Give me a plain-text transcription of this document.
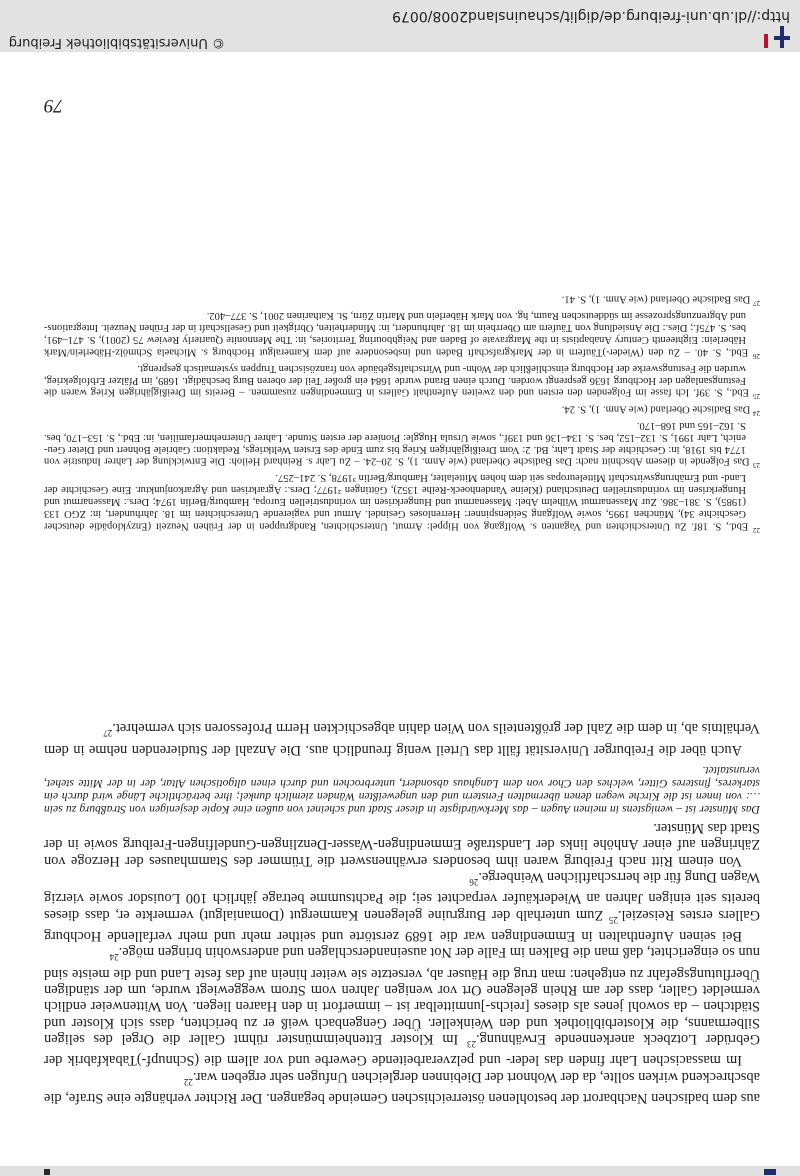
aus dem badischen Nachbarort der bestohlenen österreichischen Gemeinde begangen. Der Richter verhängte eine Strafe, die abschreckend wirken sollte, da der Wohnort der Diebinnen dergleichen Unfugen sehr ergeben war.$^{22}$

Im massacischen Lahr finden das leder- und pelzverarbeitende Gewerbe und vor allem die (Schnupf-)Tabakfabrik der Gebrüder Lotzbeck anerkennende Erwähnung.$^{23}$ Im Kloster Ettenheimmünster rühmt Galler die Orgel des seligen Silbermanns, die Klosterbibliothek und den Weinkeller. Über Gengenbach weiß er zu berichten, dass sich Kloster und Städtchen – da sowohl jenes als dieses [reichs-]unmittelbar ist – immerfort in den Haaren liegen. Von Wittenweier endlich vermeldet Galler, dass der am Rhein gelegene Ort vor wenigen Jahren vom Strom weggewiegt wurde, um der ständigen Überflutungsgefahr zu entgehen: man trug die Häuser ab, versetzte sie weiter hinein auf das feste Land und die meiste sind nun so eingerichtet, daß man die Balken im Falle der Not auseinanderschlagen und anderswohin bringen möge.$^{24}$

Bei seinen Aufenthalten in Emmendingen war die 1689 zerstörte und seither mehr und mehr verfallende Hochburg Gallers erstes Reiseziel.$^{25}$ Zum unterhalb der Burgruine gelegenen Kammergut (Domanialgut) vermerkte er, dass dieses bereits seit einigen Jahren an Wiederkäufer verpachtet sei; die Pachtsumme betrage jährlich 100 Louisdor sowie vierzig Wagen Dung für die herrschaftlichen Weinberge.$^{26}$

Von einem Ritt nach Freiburg waren ihm besonders erwähnenswert die Trümmer des Stammhauses der Herzoge von Zähringen auf einer Anhöhe links der Landstraße Emmendingen-Wasser-Denzlingen-Gundelfingen-Freiburg sowie in der Stadt das Münster.

Das Münster ist – wenigstens in meinen Augen – das Merkwürdigste in dieser Stadt und scheinet von außen eine Kopie desjenigen von Straßburg zu sein …: von innen ist die Kirche wegen denen übermalten Fenstern und den ungeweißten Wänden ziemlich dunkel; ihre beträchtliche Länge wird durch ein starkeres, finsteres Gitter, welches den Chor von dem Langhaus absondert, unterbrochen und durch einen altgotischen Altar, der in der Mitte stehet, verunstaltet.

Auch über die Freiburger Universität fällt das Urteil wenig freundlich aus. Die Anzahl der Studierenden nehme in dem Verhältnis ab, in dem die Zahl der größtenteils von Wien dahin abgeschickten Herrn Professoren sich vermehret.$^{27}$

$^{22}$ Ebd., S. 18f. Zu Unterschichten und Vaganten s. Wolfgang von Hippel: Armut, Unterschichten, Randgruppen in der Frühen Neuzeit (Enzyklopädie deutscher Geschichte 34), München 1995, sowie Wolfgang Seidenspinner: Herrenloses Gesindel. Armut und vagierende Unterschichten im 18. Jahrhundert, in: ZGO 133 (1985), S. 381–386. Zur Massenarmut Wilhelm Abel: Massenarmut und Hungerkrisen im vorindustriellen Europa, Hamburg/Berlin 1974; Ders.: Massenarmut und Hungerkrisen im vorindustriellen Deutschland (Kleine Vandenhoeck-Reihe 1352), Göttingen ²1977; Ders.: Agrarkrisen und Agrarkonjunktur. Eine Geschichte der Land- und Ernährungswirtschaft Mitteleuropas seit dem hohen Mittelalter, Hamburg/Berlin ³1978, S. 241–257.

$^{23}$ Das Folgende in diesem Abschnitt nach: Das Badische Oberland (wie Anm. 1), S. 20–24. – Zu Lahr s. Reinhard Heiloh: Die Entwicklung der Lahrer Industrie von 1774 bis 1918, in: Geschichte der Stadt Lahr, Bd. 2: Vom Dreißigjährigen Krieg bis zum Ende des Ersten Weltkriegs, Redaktion: Gabriele Bohnert und Dieter Geuenich, Lahr 1991, S. 132–152, bes. S. 134–136 und 139f., sowie Ursula Huggle: Pioniere der ersten Stunde. Lahrer Unternehmerfamilien, in: Ebd., S. 153–170, bes. S. 162–165 und 168–170.

$^{24}$ Das Badische Oberland (wie Anm. 1), S. 24.

$^{25}$ Ebd., S. 39f. Ich fasse im Folgenden den ersten und den zweiten Aufenthalt Gallers in Emmendingen zusammen. – Bereits im Dreißigjährigen Krieg waren die Festungsanlagen der Hochburg 1636 gesprengt worden. Durch einen Brand wurde 1684 ein großer Teil der oberen Burg beschädigt. 1689, im Pfälzer Erbfolgekrieg, wurden die Festungswerke der Hochburg einschließlich der Wohn- und Wirtschaftsgebäude von französischen Truppen systematisch gesprengt.

$^{26}$ Ebd., S. 40. – Zu den (Wieder-)Täufern in der Markgrafschaft Baden und insbesondere auf dem Kameralgut Hochburg s. Michaela Schmölz-Häberlein/Mark Häberlein: Eighteenth Century Anabaptists in the Margravate of Baden and Neighbouring Territories, in: The Mennonite Quarterly Review 75 (2001), S. 471–491, bes. S. 475f.; Dies.: Die Ansiedlung von Täufern am Oberrhein im 18. Jahrhundert, in: Minderheiten, Obrigkeit und Gesellschaft in der Frühen Neuzeit. Integrations- und Abgrenzungsprozesse im süddeutschen Raum, hg. von Mark Häberlein und Martin Zürn, St. Katharinen 2001, S. 377–402.

$^{27}$ Das Badische Oberland (wie Anm. 1), S. 41.

79
© Universitätsbibliothek Freiburg
http://dl.ub.uni-freiburg.de/diglit/schauinsland2008/0079
